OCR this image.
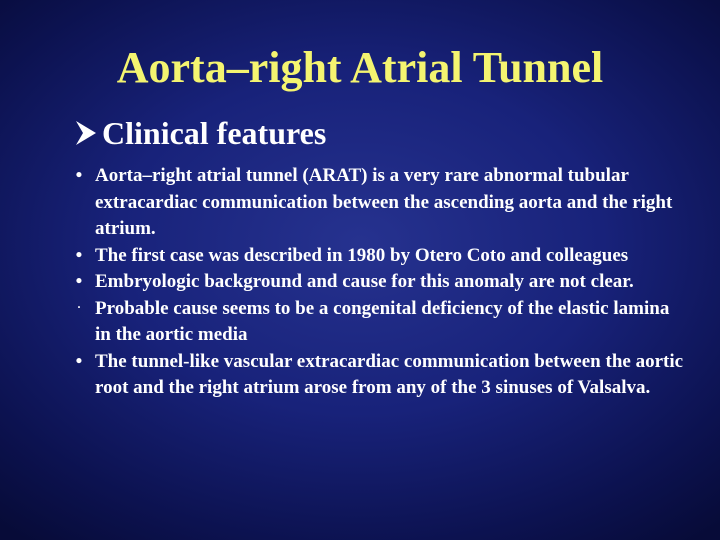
Aorta–right Atrial Tunnel
Clinical features
• Aorta–right atrial tunnel (ARAT) is a very rare abnormal tubular extracardiac communication between the ascending aorta and the right atrium.
• The first case was described in 1980 by Otero Coto and colleagues
• Embryologic background and cause for this anomaly are not clear.
· Probable cause seems to be a congenital deficiency of the elastic lamina in the aortic media
• The tunnel-like vascular extracardiac communication between the aortic root and the right atrium arose from any of the 3 sinuses of Valsalva.
